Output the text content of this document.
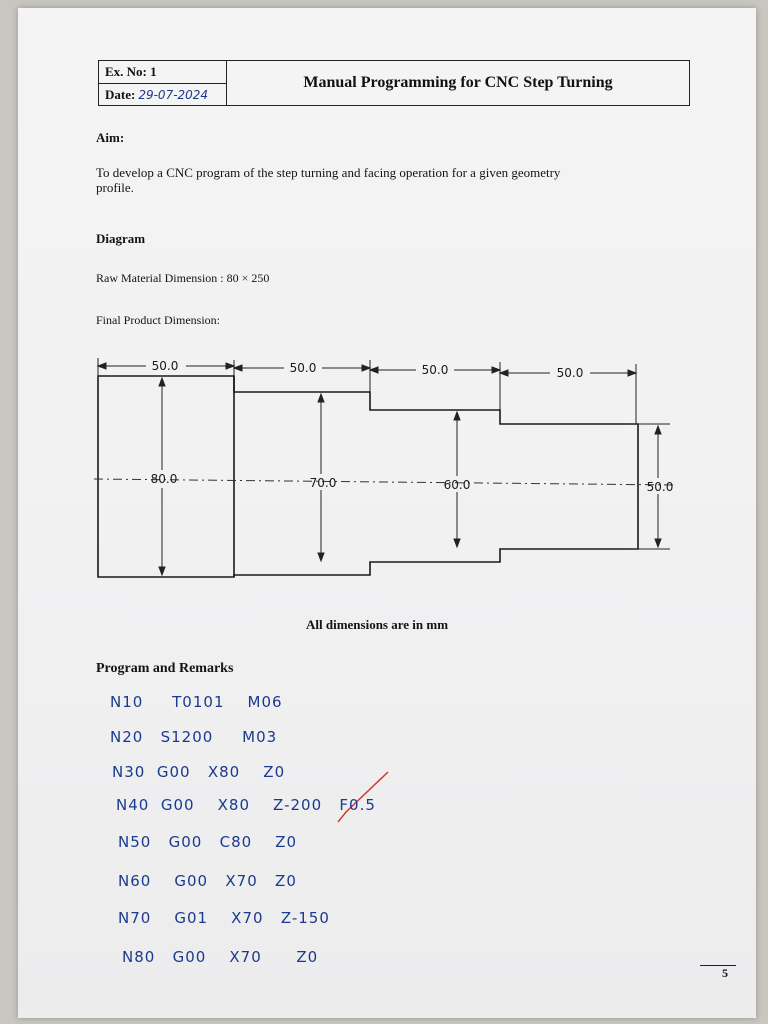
Ex. No: 1
Date: 29-07-2024
Manual Programming for CNC Step Turning
Aim:
To develop a CNC program of the step turning and facing operation for a given geometry
profile.
Diagram
Raw Material Dimension : 80 × 250
Final Product Dimension:
50.0	50.0	50.0	50.0
80.0	70.0	60.0	50.0
All dimensions are in mm
Program and Remarks
N10     T0101    M06
N20   S1200     M03
N30  G00   X80    Z0
N40  G00    X80    Z-200   F0.5
N50   G00   C80    Z0
N60    G00   X70   Z0
N70    G01    X70   Z-150
N80   G00    X70      Z0
5
